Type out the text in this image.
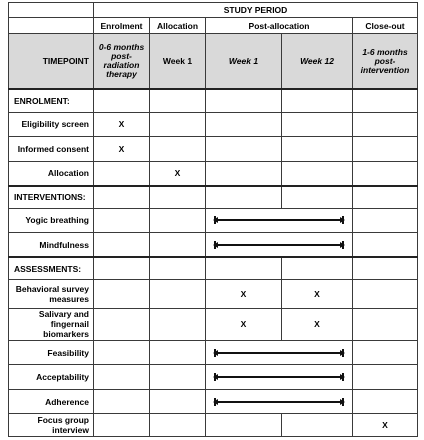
	STUDY PERIOD				
	Enrolment	Allocation	Post-allocation		Close-out
TIMEPOINT	0-6 months post-radiation therapy	Week 1	Week 1	Week 12	1-6 months post-intervention
ENROLMENT:					
Eligibility screen	X				
Informed consent	X				
Allocation		X			
INTERVENTIONS:					
Yogic breathing				

Mindfulness				

ASSESSMENTS:					
Behavioral survey measures			X	X	
Salivary and fingernail biomarkers			X	X	
Feasibility				

Acceptability				

Adherence				

Focus group interview					X
